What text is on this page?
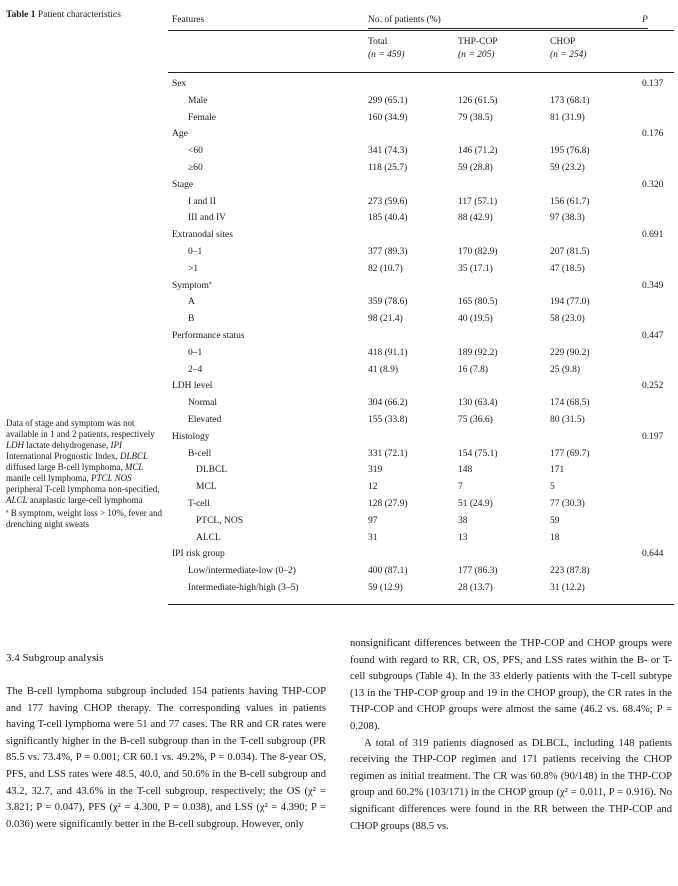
Table 1 Patient characteristics	Features	No. of patients (%)	P
Total	THP-COP	CHOP
(n = 459)	(n = 205)	(n = 254)
Sex	0.137
Male	299 (65.1)	126 (61.5)	173 (68.1)
Female	160 (34.9)	79 (38.5)	81 (31.9)
Age	0.176
<60	341 (74.3)	146 (71.2)	195 (76.8)
≥60	118 (25.7)	59 (28.8)	59 (23.2)
Stage	0.320
I and II	273 (59.6)	117 (57.1)	156 (61.7)
III and IV	185 (40.4)	88 (42.9)	97 (38.3)
Extranodal sites	0.691
0–1	377 (89.3)	170 (82.9)	207 (81.5)
>1	82 (10.7)	35 (17.1)	47 (18.5)
Symptomª	0.349
A	359 (78.6)	165 (80.5)	194 (77.0)
B	98 (21.4)	40 (19.5)	58 (23.0)
Performance status	0.447
0–1	418 (91.1)	189 (92.2)	229 (90.2)
2–4	41 (8.9)	16 (7.8)	25 (9.8)
LDH level	0.252
Normal	304 (66.2)	130 (63.4)	174 (68.5)
Elevated	155 (33.8)	75 (36.6)	80 (31.5)
Histology	0.197
B-cell	331 (72.1)	154 (75.1)	177 (69.7)
DLBCL	319	148	171
MCL	12	7	5
T-cell	128 (27.9)	51 (24.9)	77 (30.3)
PTCL, NOS	97	38	59
ALCL	31	13	18
IPI risk group	0.644
Low/intermediate-low (0–2)	400 (87.1)	177 (86.3)	223 (87.8)
Intermediate-high/high (3–5)	59 (12.9)	28 (13.7)	31 (12.2)

Data of stage and symptom was not available in 1 and 2 patients, respectively

LDH lactate dehydrogenase, IPI International Prognostic Index, DLBCL diffused large B-cell lymphoma, MCL mantle cell lymphoma, PTCL NOS peripheral T-cell lymphoma non-specified, ALCL anaplastic large-cell lymphoma

ª B symptom, weight loss > 10%, fever and drenching night sweats

3.4 Subgroup analysis

The B-cell lymphoma subgroup included 154 patients having THP-COP and 177 having CHOP therapy. The corresponding values in patients having T-cell lymphoma were 51 and 77 cases. The RR and CR rates were significantly higher in the B-cell subgroup than in the T-cell subgroup (PR 85.5 vs. 73.4%, P = 0.001; CR 60.1 vs. 49.2%, P = 0.034). The 8-year OS, PFS, and LSS rates were 48.5, 40.0, and 50.6% in the B-cell subgroup and 43.2, 32.7, and 43.6% in the T-cell subgroup, respectively; the OS (χ² = 3.821; P = 0.047), PFS (χ² = 4.300, P = 0.038), and LSS (χ² = 4.390; P = 0.036) were significantly better in the B-cell subgroup. However, only

nonsignificant differences between the THP-COP and CHOP groups were found with regard to RR, CR, OS, PFS, and LSS rates within the B- or T-cell subgroups (Table 4). In the 33 elderly patients with the T-cell subtype (13 in the THP-COP group and 19 in the CHOP group), the CR rates in the THP-COP and CHOP groups were almost the same (46.2 vs. 68.4%; P = 0.208).

A total of 319 patients diagnosed as DLBCL, including 148 patients receiving the THP-COP regimen and 171 patients receiving the CHOP regimen as initial treatment. The CR was 60.8% (90/148) in the THP-COP group and 60.2% (103/171) in the CHOP group (χ² = 0.011, P = 0.916). No significant differences were found in the RR between the THP-COP and CHOP groups (88.5 vs.
